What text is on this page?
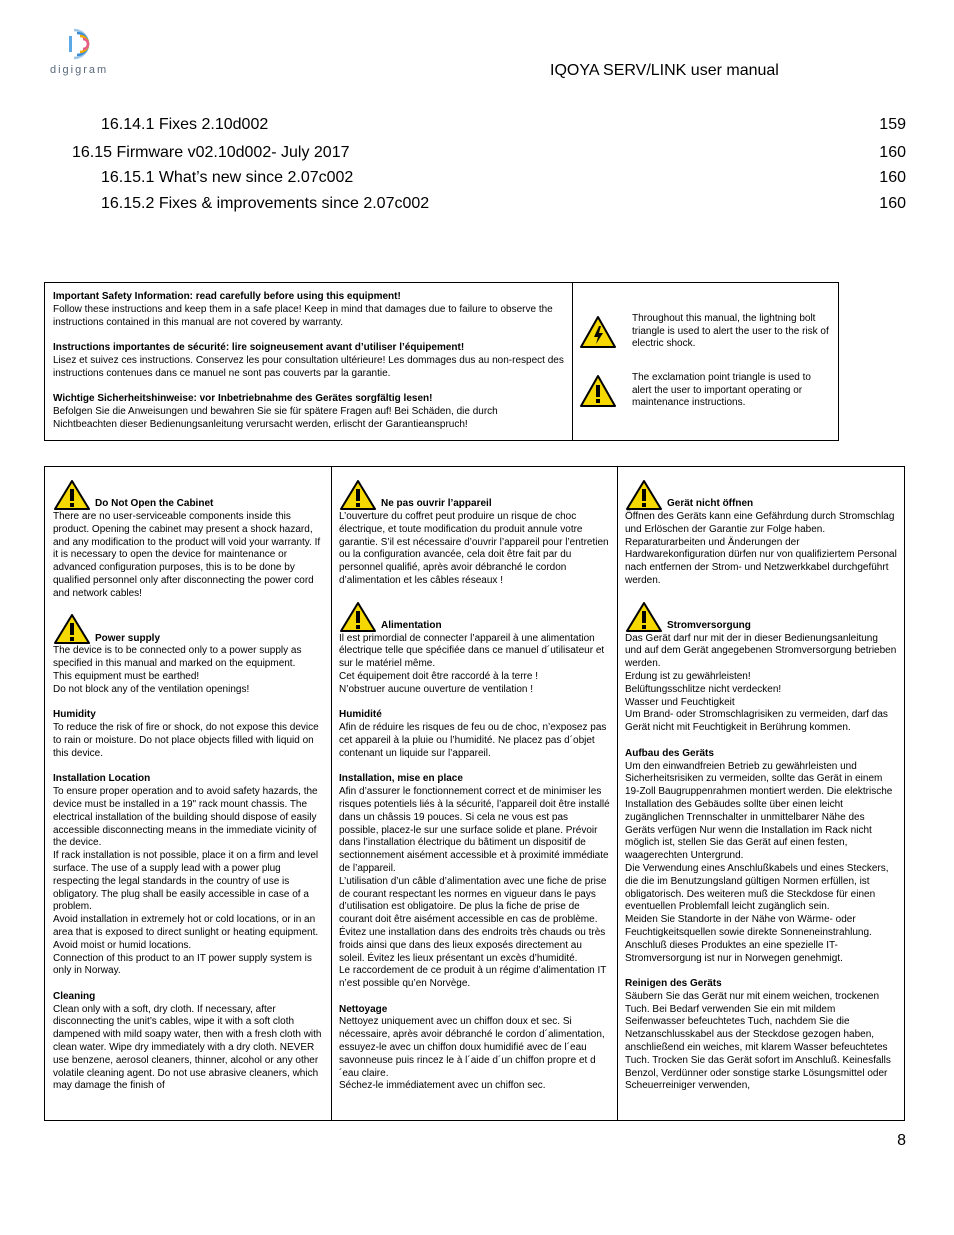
digigram	IQOYA SERV/LINK user manual
16.14.1 Fixes 2.10d002	159
16.15 Firmware v02.10d002- July 2017	160
16.15.1 What’s new since 2.07c002	160
16.15.2 Fixes & improvements since 2.07c002	160

Important Safety Information: read carefully before using this equipment!
Follow these instructions and keep them in a safe place! Keep in mind that damages due to failure to observe the instructions contained in this manual are not covered by warranty.

Instructions importantes de sécurité: lire soigneusement avant d’utiliser l’équipement!
Lisez et suivez ces instructions. Conservez les pour consultation ultérieure! Les dommages dus au non-respect des instructions contenues dans ce manuel ne sont pas couverts par la garantie.

Wichtige Sicherheitshinweise: vor Inbetriebnahme des Gerätes sorgfältig lesen!
Befolgen Sie die Anweisungen und bewahren Sie sie für spätere Fragen auf! Bei Schäden, die durch Nichtbeachten dieser Bedienungsanleitung verursacht werden, erlischt der Garantieanspruch!

Throughout this manual, the lightning bolt triangle is used to alert the user to the risk of electric shock.
The exclamation point triangle is used to alert the user to important operating or maintenance instructions.
Do Not Open the Cabinet
There are no user-serviceable components inside this product. Opening the cabinet may present a shock hazard, and any modification to the product will void your warranty. If it is necessary to open the device for maintenance or advanced configuration purposes, this is to be done by qualified personnel only after disconnecting the power cord and network cables!
Power supply
The device is to be connected only to a power supply as specified in this manual and marked on the equipment.
This equipment must be earthed!
Do not block any of the ventilation openings!
Humidity
To reduce the risk of fire or shock, do not expose this device to rain or moisture. Do not place objects filled with liquid on this device.
Installation Location
To ensure proper operation and to avoid safety hazards, the device must be installed in a 19" rack mount chassis. The electrical installation of the building should dispose of easily accessible disconnecting means in the immediate vicinity of the device.
If rack installation is not possible, place it on a firm and level surface. The use of a supply lead with a power plug respecting the legal standards in the country of use is obligatory. The plug shall be easily accessible in case of a problem.
Avoid installation in extremely hot or cold locations, or in an area that is exposed to direct sunlight or heating equipment. Avoid moist or humid locations.
Connection of this product to an IT power supply system is only in Norway.
Cleaning
Clean only with a soft, dry cloth. If necessary, after disconnecting the unit’s cables, wipe it with a soft cloth dampened with mild soapy water, then with a fresh cloth with clean water. Wipe dry immediately with a dry cloth. NEVER use benzene, aerosol cleaners, thinner, alcohol or any other volatile cleaning agent. Do not use abrasive cleaners, which may damage the finish of
Ne pas ouvrir l’appareil
L’ouverture du coffret peut produire un risque de choc électrique, et toute modification du produit annule votre garantie. S’il est nécessaire d’ouvrir l’appareil pour l’entretien ou la configuration avancée, cela doit être fait par du personnel qualifié, après avoir débranché le cordon d’alimentation et les câbles réseaux !
Alimentation
Il est primordial de connecter l’appareil à une alimentation électrique telle que spécifiée dans ce manuel d´utilisateur et sur le matériel même.
Cet équipement doit être raccordé à la terre !
N’obstruer aucune ouverture de ventilation !
Humidité
Afin de réduire les risques de feu ou de choc, n’exposez pas cet appareil à la pluie ou l’humidité. Ne placez pas d´objet contenant un liquide sur l’appareil.
Installation, mise en place
Afin d’assurer le fonctionnement correct et de minimiser les risques potentiels liés à la sécurité, l’appareil doit être installé dans un châssis 19 pouces. Si cela ne vous est pas possible, placez-le sur une surface solide et plane. Prévoir dans l’installation électrique du bâtiment un dispositif de sectionnement aisément accessible et à proximité immédiate de l’appareil.
L’utilisation d’un câble d’alimentation avec une fiche de prise de courant respectant les normes en vigueur dans le pays d’utilisation est obligatoire. De plus la fiche de prise de courant doit être aisément accessible en cas de problème.
Évitez une installation dans des endroits très chauds ou très froids ainsi que dans des lieux exposés directement au soleil. Évitez les lieux présentant un excès d’humidité.
Le raccordement de ce produit à un régime d’alimentation IT n’est possible qu’en Norvège.
Nettoyage
Nettoyez uniquement avec un chiffon doux et sec. Si nécessaire, après avoir débranché le cordon d´alimentation, essuyez-le avec un chiffon doux humidifié avec de l´eau savonneuse puis rincez le à l´aide d´un chiffon propre et d´eau claire.
Séchez-le immédiatement avec un chiffon sec.
Gerät nicht öffnen
Öffnen des Geräts kann eine Gefährdung durch Stromschlag und Erlöschen der Garantie zur Folge haben. Reparaturarbeiten und Änderungen der Hardwarekonfiguration dürfen nur von qualifiziertem Personal nach entfernen der Strom- und Netzwerkkabel durchgeführt werden.
Stromversorgung
Das Gerät darf nur mit der in dieser Bedienungsanleitung und auf dem Gerät angegebenen Stromversorgung betrieben werden.
Erdung ist zu gewährleisten!
Belüftungsschlitze nicht verdecken!
Wasser und Feuchtigkeit
Um Brand- oder Stromschlagrisiken zu vermeiden, darf das Gerät nicht mit Feuchtigkeit in Berührung kommen.
Aufbau des Geräts
Um den einwandfreien Betrieb zu gewährleisten und Sicherheitsrisiken zu vermeiden, sollte das Gerät in einem 19-Zoll Baugruppenrahmen montiert werden. Die elektrische Installation des Gebäudes sollte über einen leicht zugänglichen Trennschalter in unmittelbarer Nähe des Geräts verfügen Nur wenn die Installation im Rack nicht möglich ist, stellen Sie das Gerät auf einen festen, waagerechten Untergrund.
Die Verwendung eines Anschlußkabels und eines Steckers, die die im Benutzungsland gültigen Normen erfüllen, ist obligatorisch. Des weiteren muß die Steckdose für einen eventuellen Problemfall leicht zugänglich sein.
Meiden Sie Standorte in der Nähe von Wärme- oder Feuchtigkeitsquellen sowie direkte Sonneneinstrahlung.
Anschluß dieses Produktes an eine spezielle IT-Stromversorgung ist nur in Norwegen genehmigt.
Reinigen des Geräts
Säubern Sie das Gerät nur mit einem weichen, trockenen Tuch. Bei Bedarf verwenden Sie ein mit mildem Seifenwasser befeuchtetes Tuch, nachdem Sie die Netzanschlusskabel aus der Steckdose gezogen haben, anschließend ein weiches, mit klarem Wasser befeuchtetes Tuch. Trocken Sie das Gerät sofort im Anschluß. Keinesfalls Benzol, Verdünner oder sonstige starke Lösungsmittel oder Scheuerreiniger verwenden,
8
